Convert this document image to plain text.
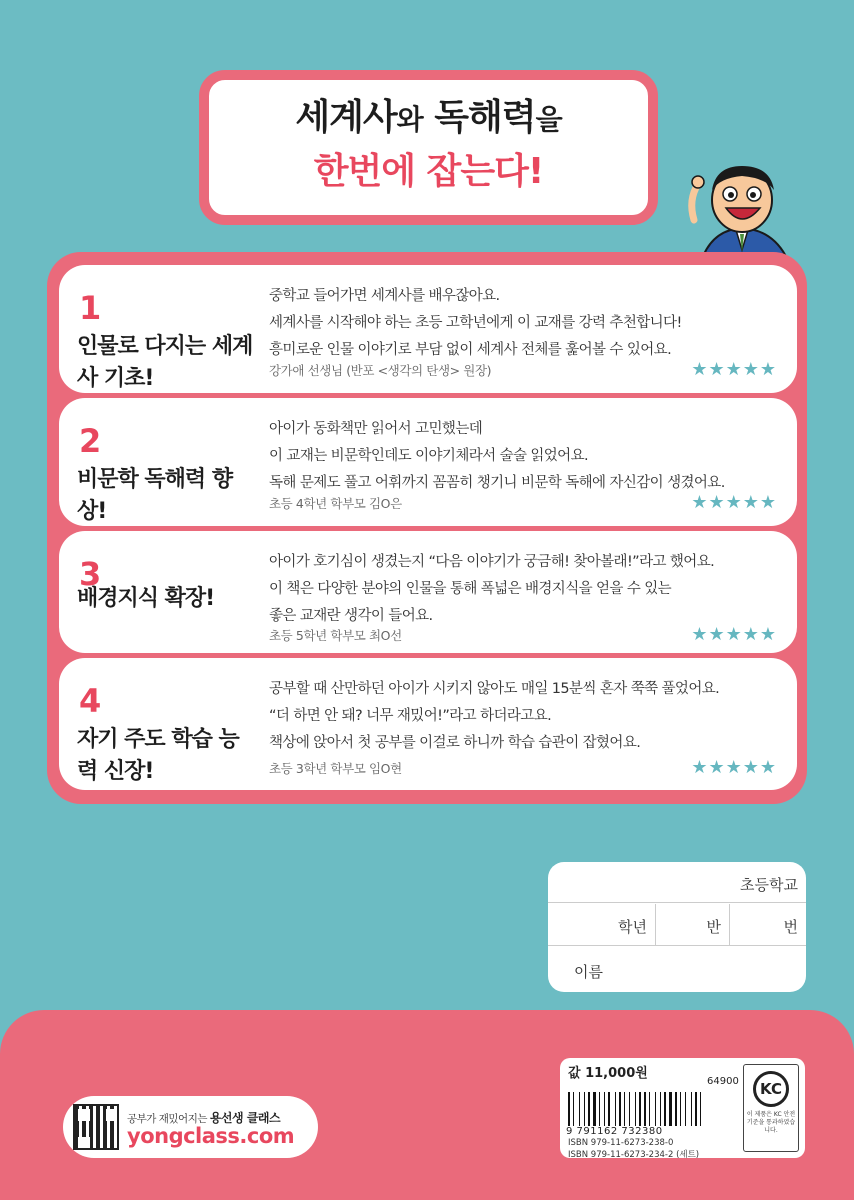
세계사와 독해력을
한번에 잡는다!
1
인물로 다지는 세계사 기초!
중학교 들어가면 세계사를 배우잖아요.
세계사를 시작해야 하는 초등 고학년에게 이 교재를 강력 추천합니다!
흥미로운 인물 이야기로 부담 없이 세계사 전체를 훑어볼 수 있어요.
강가애 선생님 (반포 <생각의 탄생> 원장)	★★★★★
2
비문학 독해력 향상!
아이가 동화책만 읽어서 고민했는데
이 교재는 비문학인데도 이야기체라서 술술 읽었어요.
독해 문제도 풀고 어휘까지 꼼꼼히 챙기니 비문학 독해에 자신감이 생겼어요.
초등 4학년 학부모 김O은	★★★★★
3
배경지식 확장!
아이가 호기심이 생겼는지 “다음 이야기가 궁금해! 찾아볼래!”라고 했어요.
이 책은 다양한 분야의 인물을 통해 폭넓은 배경지식을 얻을 수 있는
좋은 교재란 생각이 들어요.
초등 5학년 학부모 최O선	★★★★★
4
자기 주도 학습 능력 신장!
공부할 때 산만하던 아이가 시키지 않아도 매일 15분씩 혼자 쭉쭉 풀었어요.
“더 하면 안 돼? 너무 재밌어!”라고 하더라고요.
책상에 앉아서 첫 공부를 이걸로 하니까 학습 습관이 잡혔어요.
초등 3학년 학부모 임O현	★★★★★
초등학교
학년	반	번
이름
공부가 재밌어지는 용선생 클래스
yongclass.com
값 11,000원
64900
9 791162 732380
ISBN 979-11-6273-238-0
ISBN 979-11-6273-234-2 (세트)
KC
이 제품은 KC 안전기준을 통과하였습니다.
